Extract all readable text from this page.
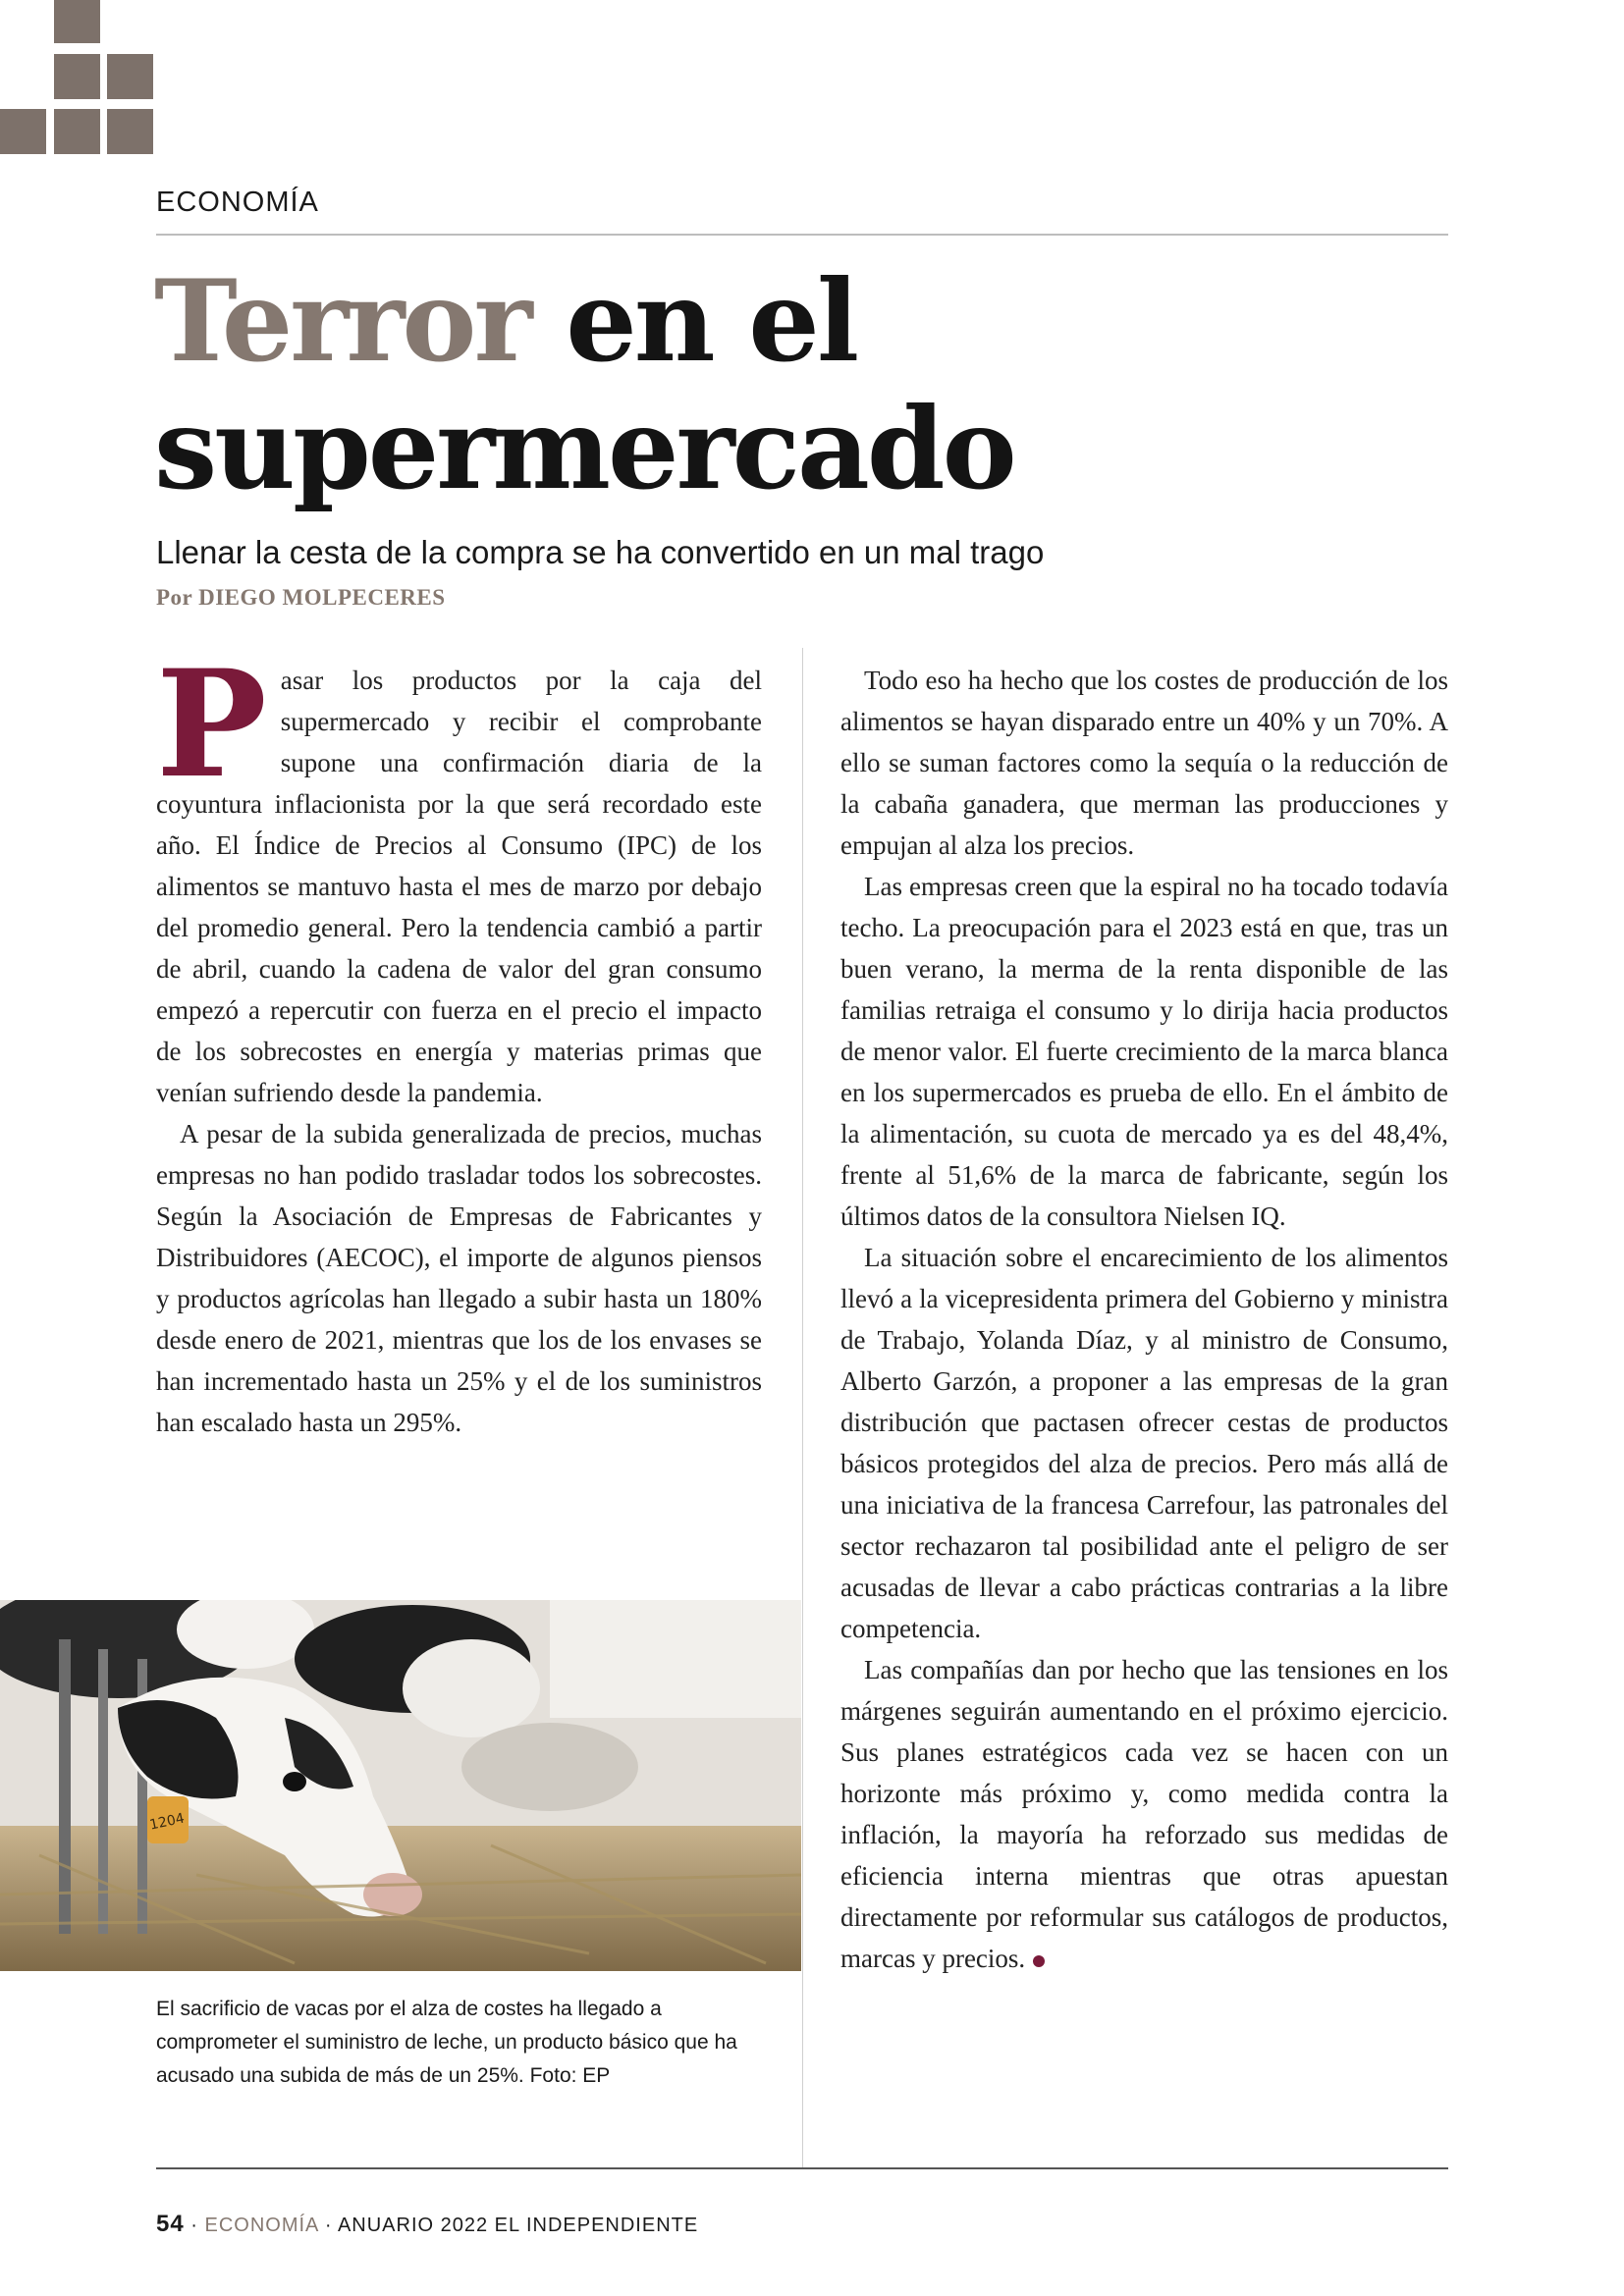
ECONOMÍA
Terror en el supermercado
Llenar la cesta de la compra se ha convertido en un mal trago
Por DIEGO MOLPECERES

Pasar los productos por la caja del supermercado y recibir el comprobante supone una confirmación diaria de la coyuntura inflacionista por la que será recordado este año. El Índice de Precios al Consumo (IPC) de los alimentos se mantuvo hasta el mes de marzo por debajo del promedio general. Pero la tendencia cambió a partir de abril, cuando la cadena de valor del gran consumo empezó a repercutir con fuerza en el precio el impacto de los sobrecostes en energía y materias primas que venían sufriendo desde la pandemia.

A pesar de la subida generalizada de precios, muchas empresas no han podido trasladar todos los sobrecostes. Según la Asociación de Empresas de Fabricantes y Distribuidores (AECOC), el importe de algunos piensos y productos agrícolas han llegado a subir hasta un 180% desde enero de 2021, mientras que los de los envases se han incrementado hasta un 25% y el de los suministros han escalado hasta un 295%.

Todo eso ha hecho que los costes de producción de los alimentos se hayan disparado entre un 40% y un 70%. A ello se suman factores como la sequía o la reducción de la cabaña ganadera, que merman las producciones y empujan al alza los precios.

Las empresas creen que la espiral no ha tocado todavía techo. La preocupación para el 2023 está en que, tras un buen verano, la merma de la renta disponible de las familias retraiga el consumo y lo dirija hacia productos de menor valor. El fuerte crecimiento de la marca blanca en los supermercados es prueba de ello. En el ámbito de la alimentación, su cuota de mercado ya es del 48,4%, frente al 51,6% de la marca de fabricante, según los últimos datos de la consultora Nielsen IQ.

La situación sobre el encarecimiento de los alimentos llevó a la vicepresidenta primera del Gobierno y ministra de Trabajo, Yolanda Díaz, y al ministro de Consumo, Alberto Garzón, a proponer a las empresas de la gran distribución que pactasen ofrecer cestas de productos básicos protegidos del alza de precios. Pero más allá de una iniciativa de la francesa Carrefour, las patronales del sector rechazaron tal posibilidad ante el peligro de ser acusadas de llevar a cabo prácticas contrarias a la libre competencia.

Las compañías dan por hecho que las tensiones en los márgenes seguirán aumentando en el próximo ejercicio. Sus planes estratégicos cada vez se hacen con un horizonte más próximo y, como medida contra la inflación, la mayoría ha reforzado sus medidas de eficiencia interna mientras que otras apuestan directamente por reformular sus catálogos de productos, marcas y precios.

1204

El sacrificio de vacas por el alza de costes ha llegado a comprometer el suministro de leche, un producto básico que ha acusado una subida de más de un 25%. Foto: EP

54 · ECONOMÍA · ANUARIO 2022 EL INDEPENDIENTE
